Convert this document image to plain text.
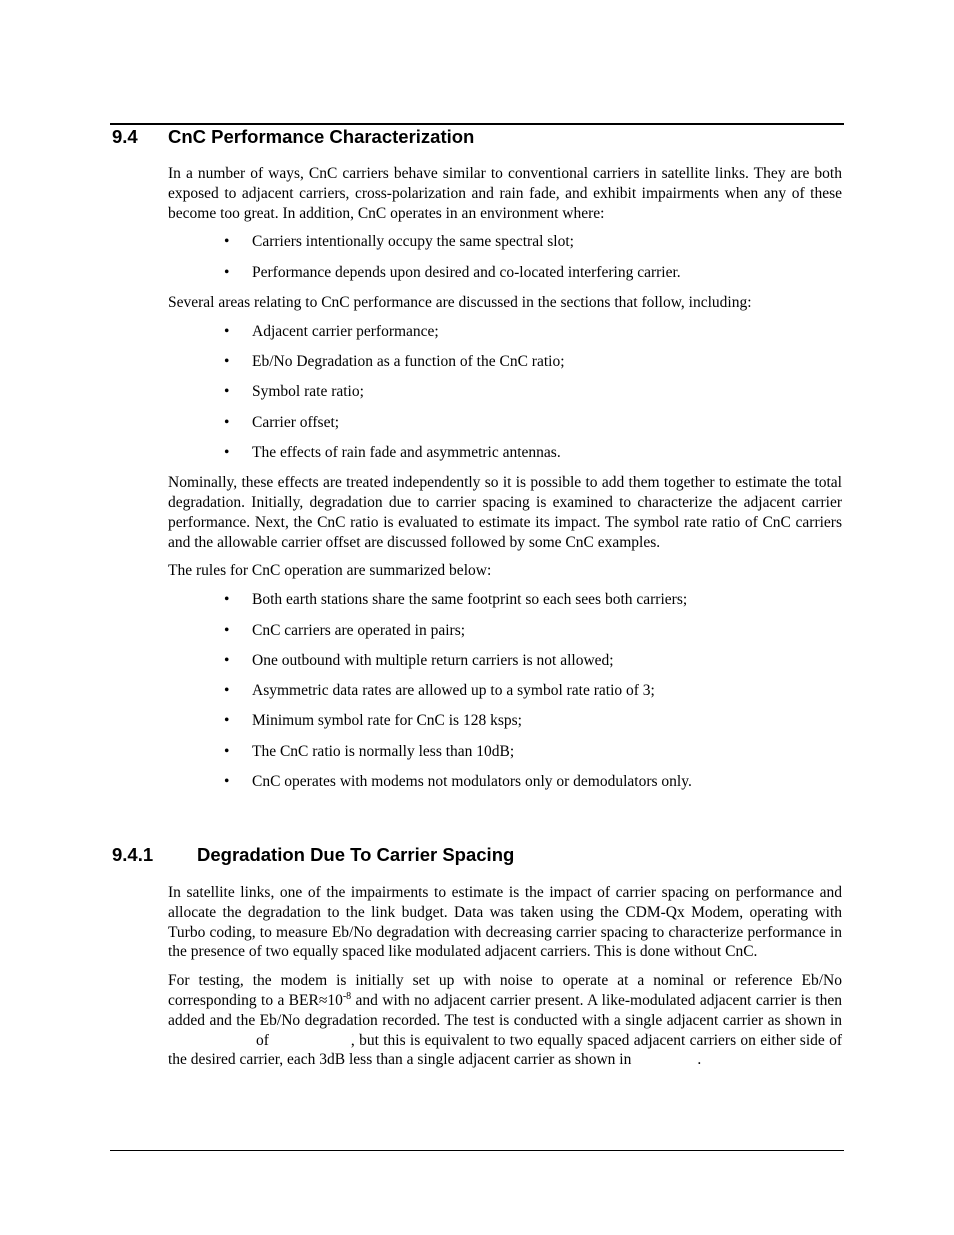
9.4 CnC Performance Characterization

In a number of ways, CnC carriers behave similar to conventional carriers in satellite links. They are both exposed to adjacent carriers, cross-polarization and rain fade, and exhibit impairments when any of these become too great. In addition, CnC operates in an environment where:

• Carriers intentionally occupy the same spectral slot;
• Performance depends upon desired and co-located interfering carrier.

Several areas relating to CnC performance are discussed in the sections that follow, including:

• Adjacent carrier performance;
• Eb/No Degradation as a function of the CnC ratio;
• Symbol rate ratio;
• Carrier offset;
• The effects of rain fade and asymmetric antennas.

Nominally, these effects are treated independently so it is possible to add them together to estimate the total degradation. Initially, degradation due to carrier spacing is examined to characterize the adjacent carrier performance. Next, the CnC ratio is evaluated to estimate its impact. The symbol rate ratio of CnC carriers and the allowable carrier offset are discussed followed by some CnC examples.

The rules for CnC operation are summarized below:

• Both earth stations share the same footprint so each sees both carriers;
• CnC carriers are operated in pairs;
• One outbound with multiple return carriers is not allowed;
• Asymmetric data rates are allowed up to a symbol rate ratio of 3;
• Minimum symbol rate for CnC is 128 ksps;
• The CnC ratio is normally less than 10dB;
• CnC operates with modems not modulators only or demodulators only.
9.4.1 Degradation Due To Carrier Spacing

In satellite links, one of the impairments to estimate is the impact of carrier spacing on performance and allocate the degradation to the link budget. Data was taken using the CDM-Qx Modem, operating with Turbo coding, to measure Eb/No degradation with decreasing carrier spacing to characterize performance in the presence of two equally spaced like modulated adjacent carriers. This is done without CnC.

For testing, the modem is initially set up with noise to operate at a nominal or reference Eb/No corresponding to a $BER\approx 10^{-8}$ and with no adjacent carrier present. A like-modulated adjacent carrier is then added and the Eb/No degradation recorded. The test is conducted with a single adjacent carrier as shown inof	, but this is equivalent to two equally spaced adjacent carriers on either side of the desired carrier, each 3dB less than a single adjacent carrier as shown in	.
